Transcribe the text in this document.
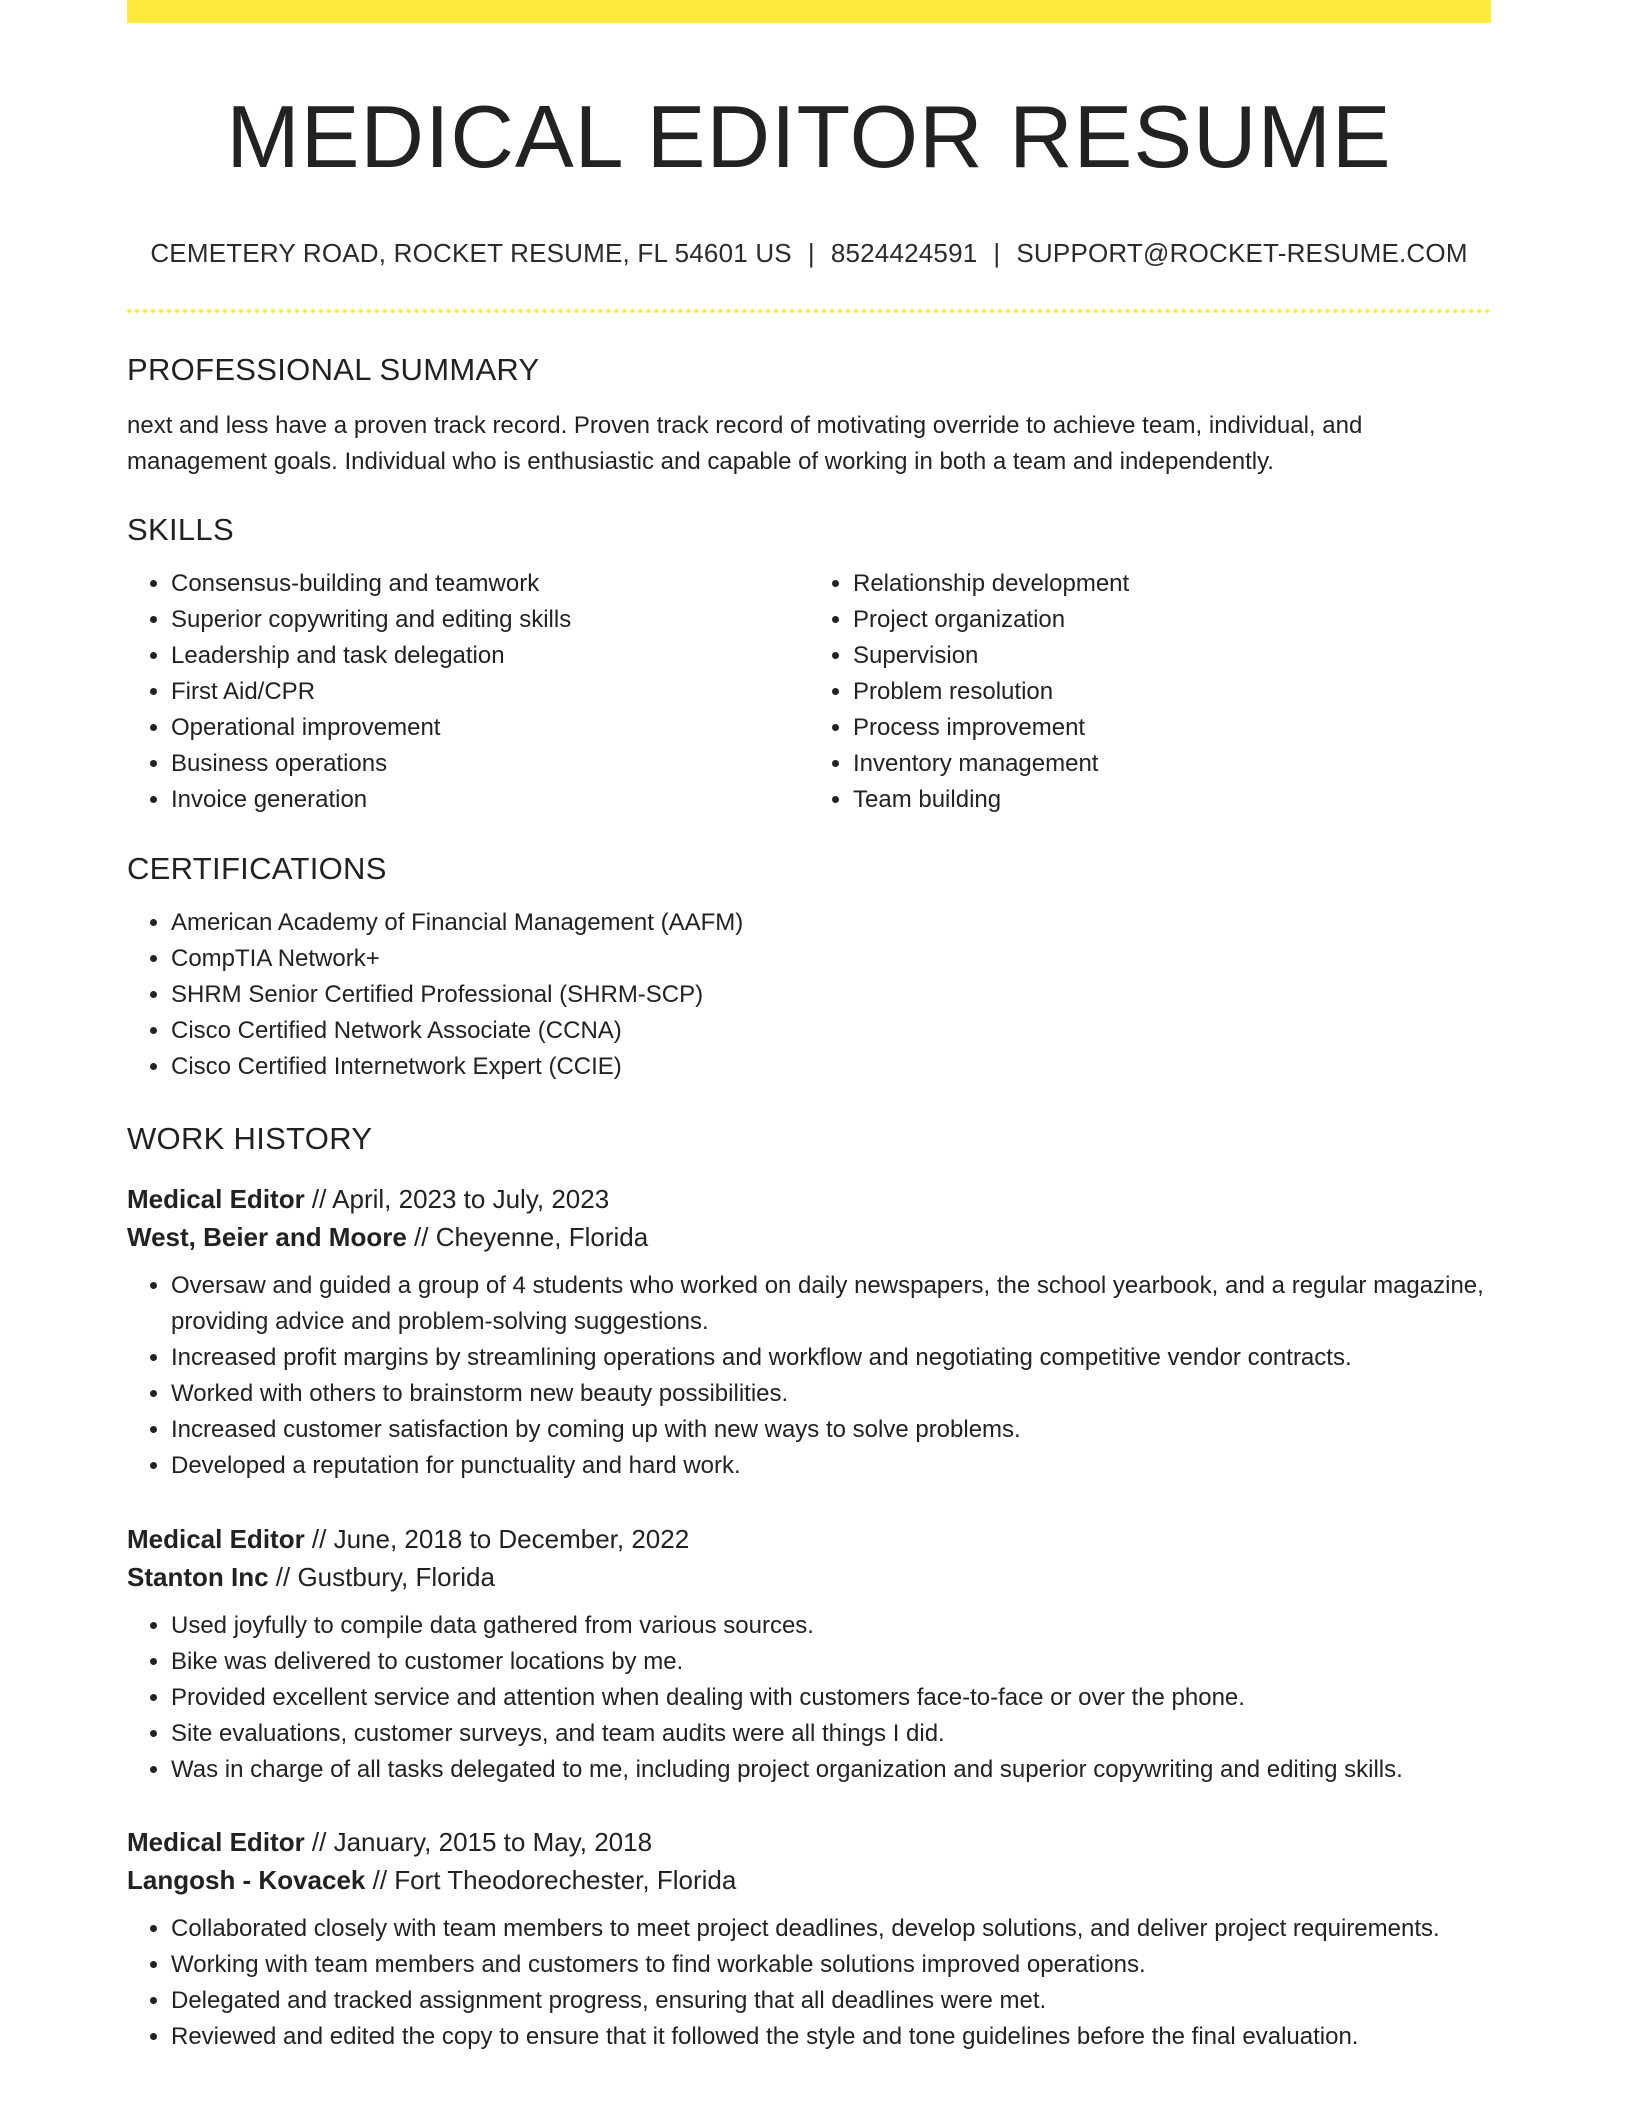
MEDICAL EDITOR RESUME
CEMETERY ROAD, ROCKET RESUME, FL 54601 US | 8524424591 | SUPPORT@ROCKET-RESUME.COM
PROFESSIONAL SUMMARY
next and less have a proven track record. Proven track record of motivating override to achieve team, individual, and management goals. Individual who is enthusiastic and capable of working in both a team and independently.
SKILLS
• Consensus-building and teamwork
• Superior copywriting and editing skills
• Leadership and task delegation
• First Aid/CPR
• Operational improvement
• Business operations
• Invoice generation
• Relationship development
• Project organization
• Supervision
• Problem resolution
• Process improvement
• Inventory management
• Team building
CERTIFICATIONS
• American Academy of Financial Management (AAFM)
• CompTIA Network+
• SHRM Senior Certified Professional (SHRM-SCP)
• Cisco Certified Network Associate (CCNA)
• Cisco Certified Internetwork Expert (CCIE)
WORK HISTORY
Medical Editor // April, 2023 to July, 2023
West, Beier and Moore // Cheyenne, Florida
• Oversaw and guided a group of 4 students who worked on daily newspapers, the school yearbook, and a regular magazine, providing advice and problem-solving suggestions.
• Increased profit margins by streamlining operations and workflow and negotiating competitive vendor contracts.
• Worked with others to brainstorm new beauty possibilities.
• Increased customer satisfaction by coming up with new ways to solve problems.
• Developed a reputation for punctuality and hard work.
Medical Editor // June, 2018 to December, 2022
Stanton Inc // Gustbury, Florida
• Used joyfully to compile data gathered from various sources.
• Bike was delivered to customer locations by me.
• Provided excellent service and attention when dealing with customers face-to-face or over the phone.
• Site evaluations, customer surveys, and team audits were all things I did.
• Was in charge of all tasks delegated to me, including project organization and superior copywriting and editing skills.
Medical Editor // January, 2015 to May, 2018
Langosh - Kovacek // Fort Theodorechester, Florida
• Collaborated closely with team members to meet project deadlines, develop solutions, and deliver project requirements.
• Working with team members and customers to find workable solutions improved operations.
• Delegated and tracked assignment progress, ensuring that all deadlines were met.
• Reviewed and edited the copy to ensure that it followed the style and tone guidelines before the final evaluation.
